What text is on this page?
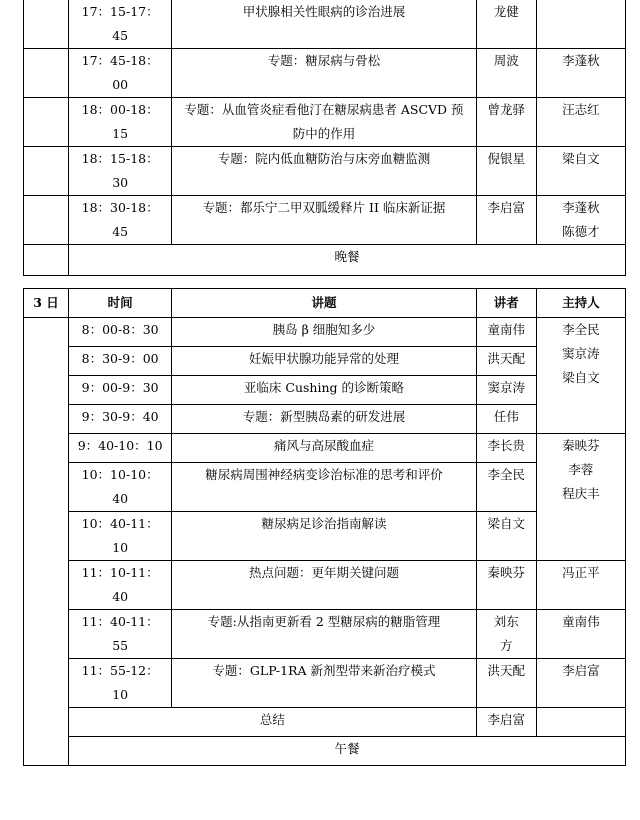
	17：15-17：
45	甲状腺相关性眼病的诊治进展	龙健	

	17：45-18：
00	专题：糖尿病与骨松	周波	李蓬秋

	18：00-18：
15	专题：从血管炎症看他汀在糖尿病患者 ASCVD 预
防中的作用	曾龙驿	汪志红

	18：15-18：
30	专题：院内低血糖防治与床旁血糖监测	倪银星	梁自文

	18：30-18：
45	专题：都乐宁二甲双胍缓释片 II 临床新证据	李启富	李蓬秋
陈德才

	晚餐			
3 日	时间	讲题	讲者	主持人
	8：00-8：30	胰岛 β 细胞知多少	童南伟	李全民
窦京涛
梁自文

	8：30-9：00	妊娠甲状腺功能异常的处理	洪天配	
	9：00-9：30	亚临床 Cushing 的诊断策略	窦京涛	
	9：30-9：40	专题：新型胰岛素的研发进展	任伟	
	9：40-10：10	痛风与高尿酸血症	李长贵	秦映芬
李蓉
程庆丰

	10：10-10：
40	糖尿病周围神经病变诊治标准的思考和评价	李全民	

	10：40-11：
10	糖尿病足诊治指南解读	梁自文	

	11：10-11：
40	热点问题：更年期关键问题	秦映芬	冯正平

	11：40-11：
55	专题:从指南更新看 2 型糖尿病的糖脂管理	刘东
方	童南伟

	11：55-12：
10	专题：GLP-1RA 新剂型带来新治疗模式	洪天配	李启富
	总结		李启富	
	午餐			
